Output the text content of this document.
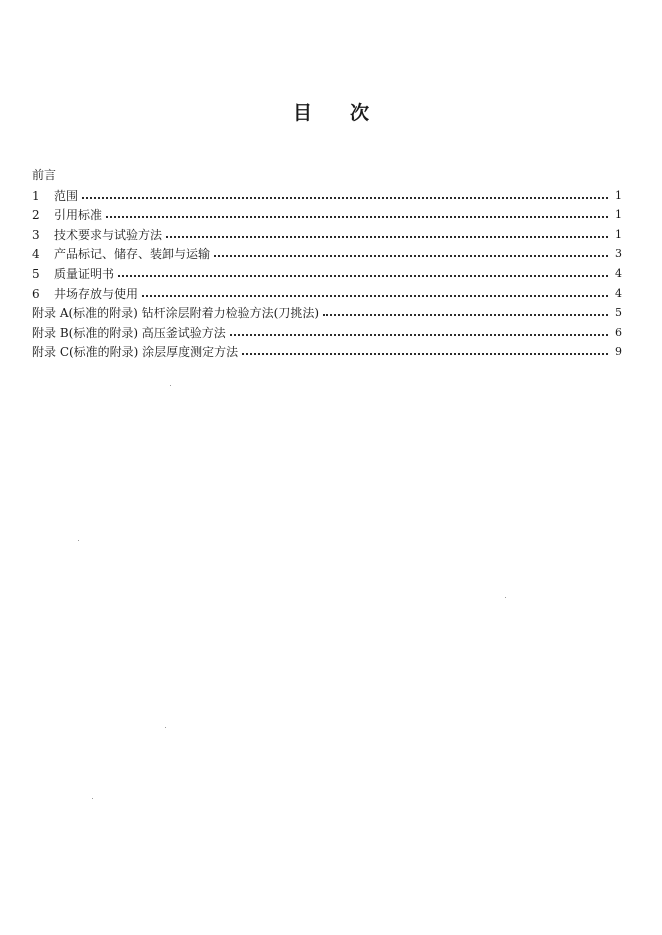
目 次
前言
1	范围	1
2	引用标准	1
3	技术要求与试验方法	1
4	产品标记、储存、装卸与运输	3
5	质量证明书	4
6	井场存放与使用	4
附录 A(标准的附录) 钻杆涂层附着力检验方法(刀挑法)	5
附录 B(标准的附录) 高压釜试验方法	6
附录 C(标准的附录) 涂层厚度测定方法	9
